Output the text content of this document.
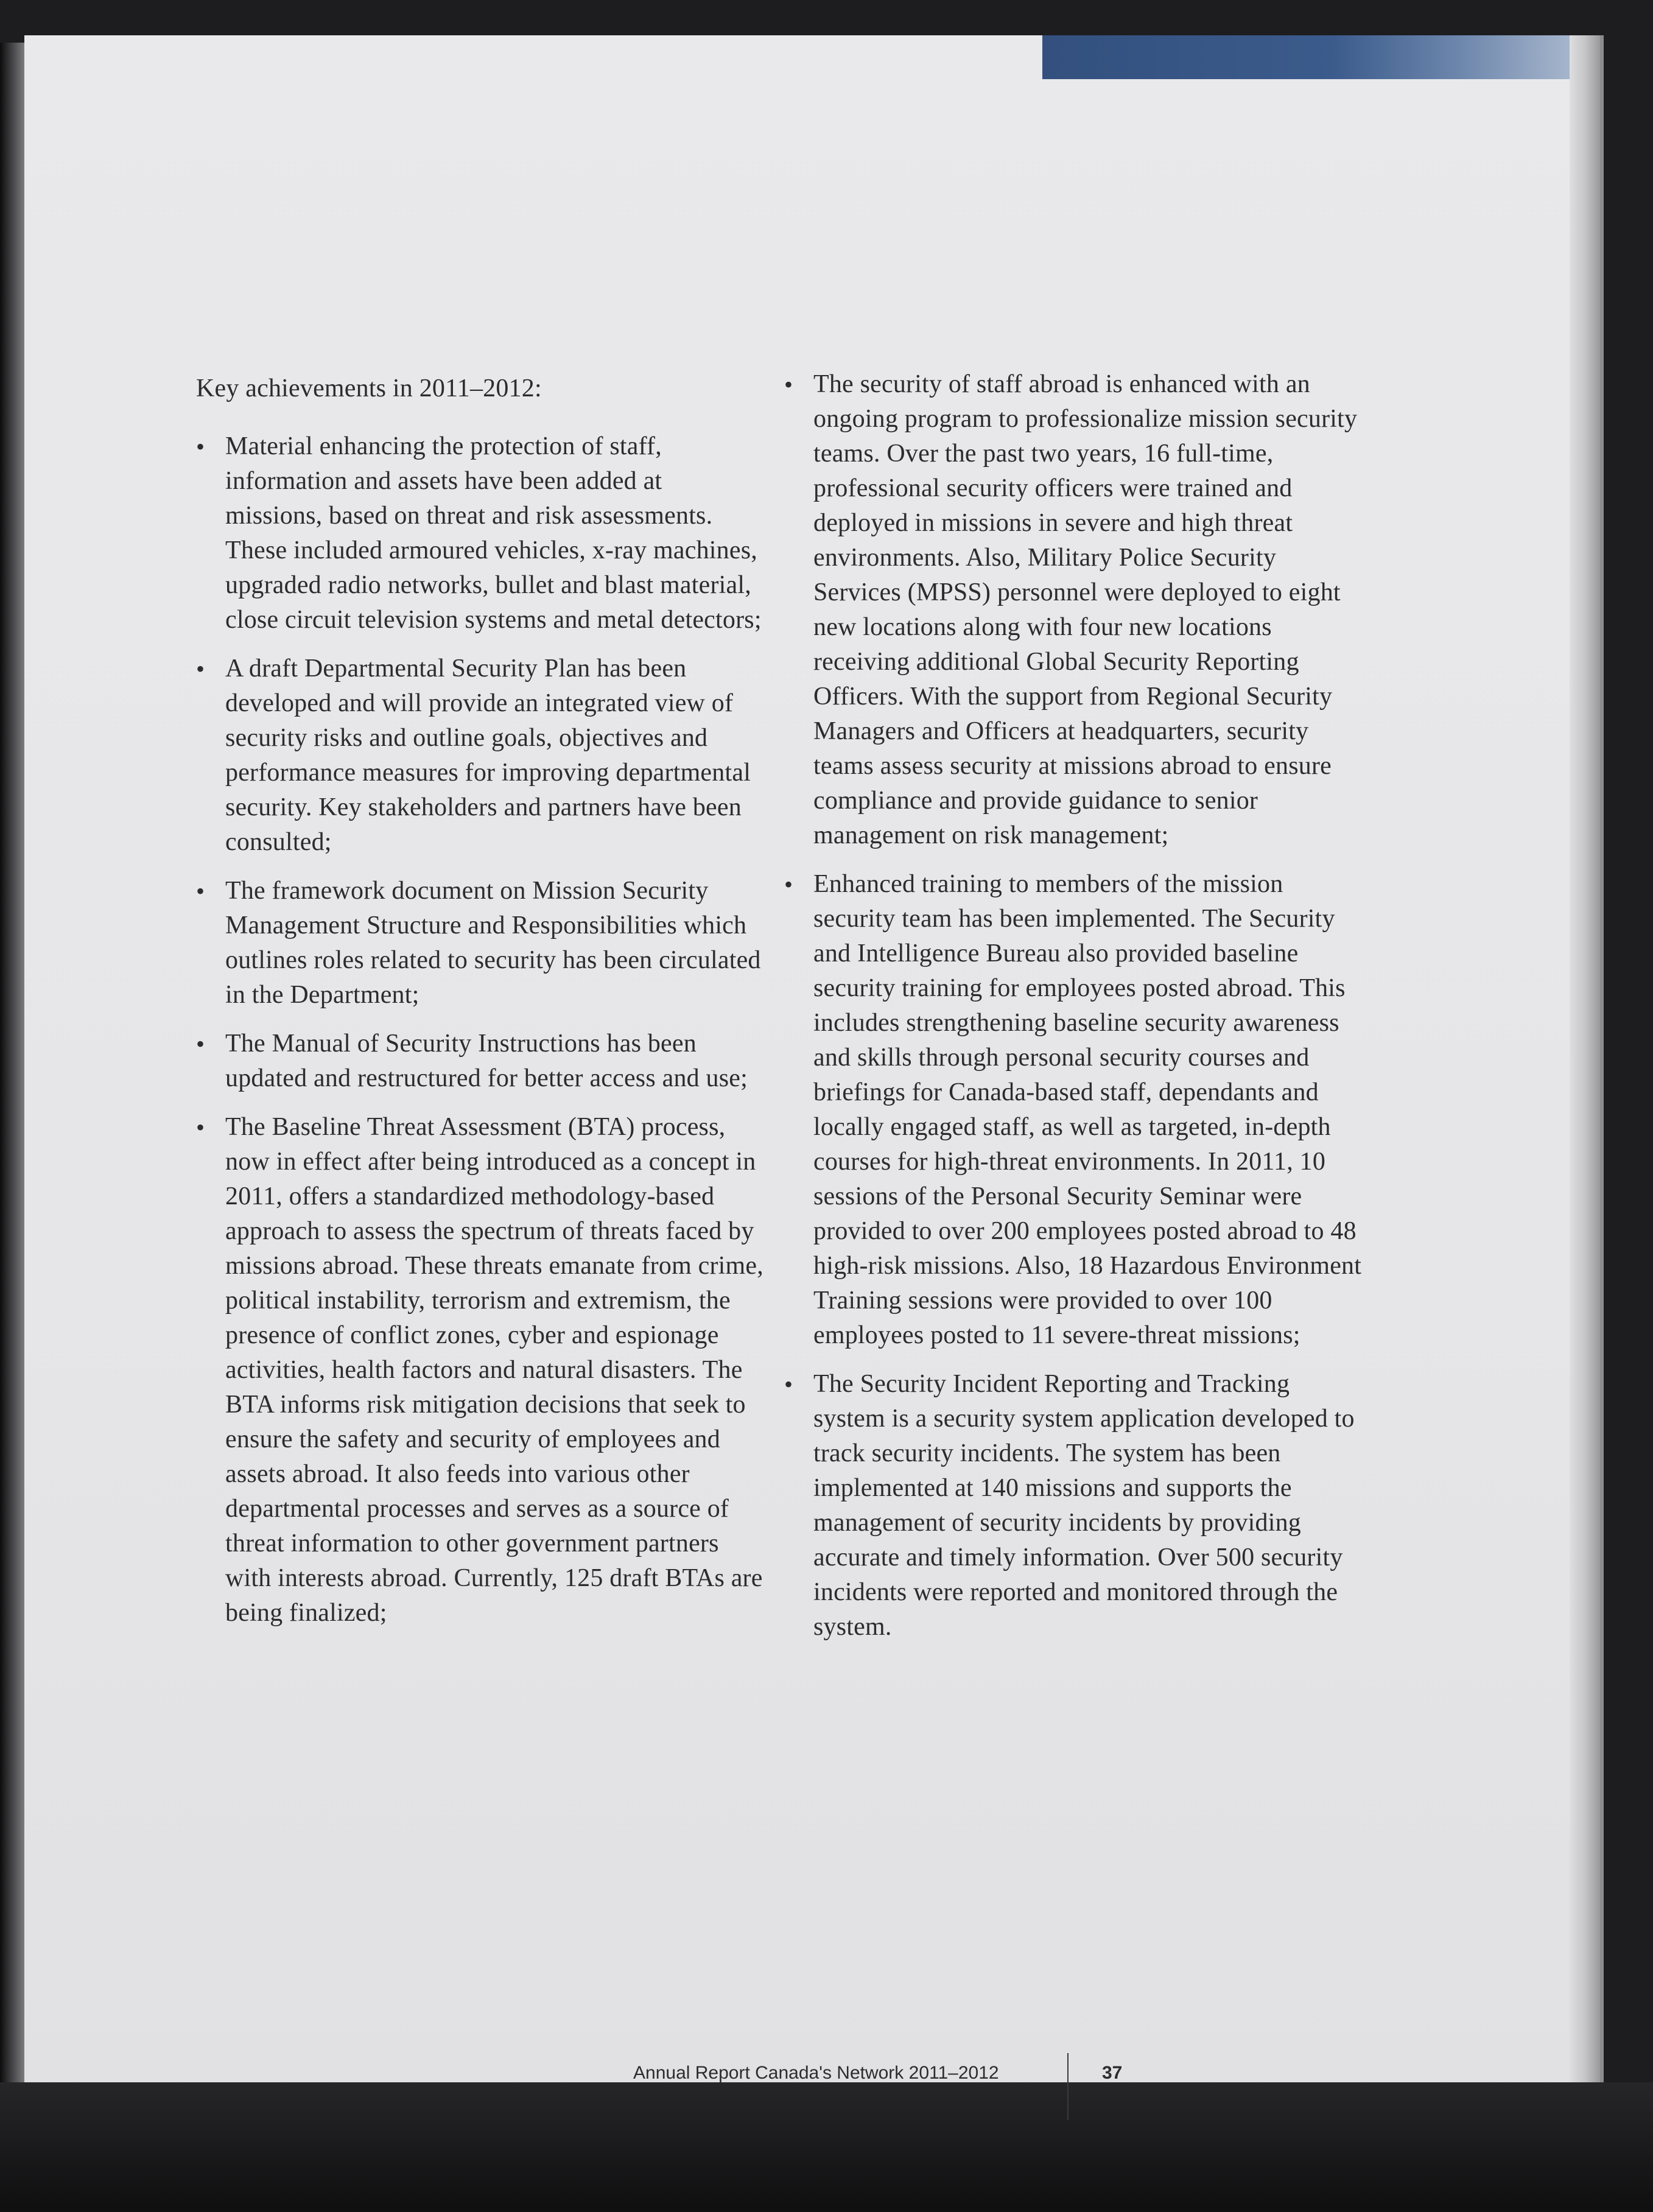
Key achievements in 2011–2012:

• Material enhancing the protection of staff, information and assets have been added at missions, based on threat and risk assessments. These included armoured vehicles, x-ray machines, upgraded radio networks, bullet and blast material, close circuit television systems and metal detectors;
• A draft Departmental Security Plan has been developed and will provide an integrated view of security risks and outline goals, objectives and performance measures for improving departmental security. Key stakeholders and partners have been consulted;
• The framework document on Mission Security Management Structure and Responsibilities which outlines roles related to security has been circulated in the Department;
• The Manual of Security Instructions has been updated and restructured for better access and use;
• The Baseline Threat Assessment (BTA) process, now in effect after being introduced as a concept in 2011, offers a standardized methodology-based approach to assess the spectrum of threats faced by missions abroad. These threats emanate from crime, political instability, terrorism and extremism, the presence of conflict zones, cyber and espionage activities, health factors and natural disasters. The BTA informs risk mitigation decisions that seek to ensure the safety and security of employees and assets abroad. It also feeds into various other departmental processes and serves as a source of threat information to other government partners with interests abroad. Currently, 125 draft BTAs are being finalized;
• The security of staff abroad is enhanced with an ongoing program to professionalize mission security teams. Over the past two years, 16 full-time, professional security officers were trained and deployed in missions in severe and high threat environments. Also, Military Police Security Services (MPSS) personnel were deployed to eight new locations along with four new locations receiving additional Global Security Reporting Officers. With the support from Regional Security Managers and Officers at headquarters, security teams assess security at missions abroad to ensure compliance and provide guidance to senior management on risk management;
• Enhanced training to members of the mission security team has been implemented. The Security and Intelligence Bureau also provided baseline security training for employees posted abroad. This includes strengthening baseline security awareness and skills through personal security courses and briefings for Canada-based staff, dependants and locally engaged staff, as well as targeted, in-depth courses for high-threat environments. In 2011, 10 sessions of the Personal Security Seminar were provided to over 200 employees posted abroad to 48 high-risk missions. Also, 18 Hazardous Environment Training sessions were provided to over 100 employees posted to 11 severe-threat missions;
• The Security Incident Reporting and Tracking system is a security system application developed to track security incidents. The system has been implemented at 140 missions and supports the management of security incidents by providing accurate and timely information. Over 500 security incidents were reported and monitored through the system.
Annual Report Canada's Network 2011–2012	37
